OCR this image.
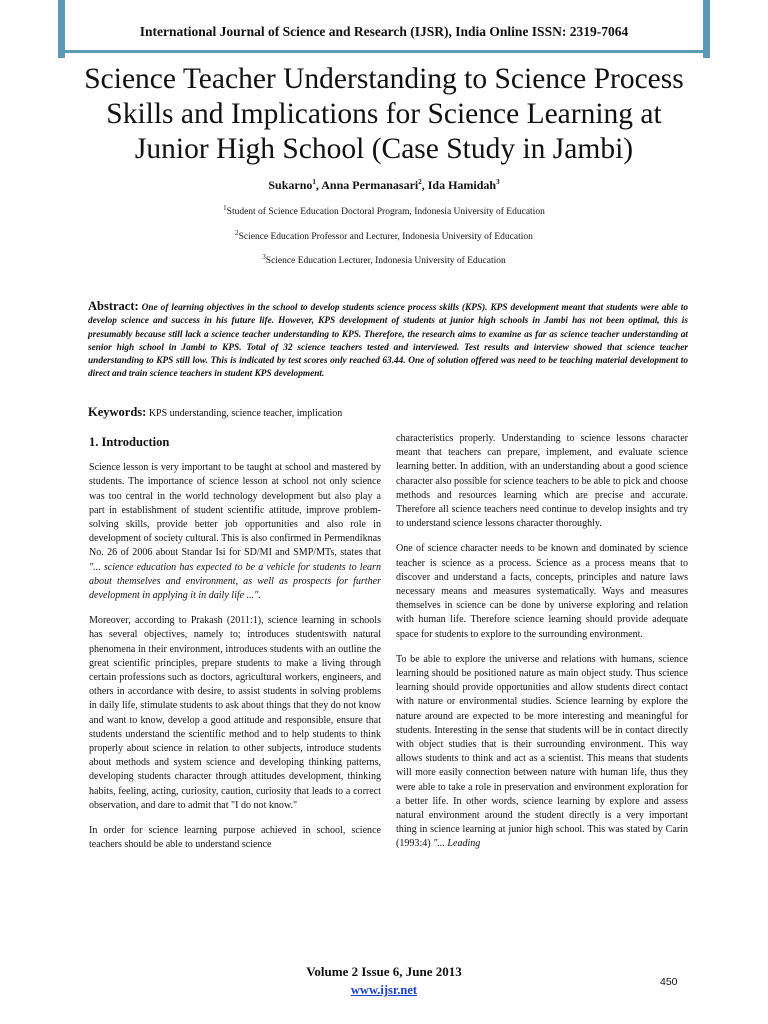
International Journal of Science and Research (IJSR), India Online ISSN: 2319-7064
Science Teacher Understanding to Science Process Skills and Implications for Science Learning at Junior High School (Case Study in Jambi)
Sukarno$^1$, Anna Permanasari$^2$, Ida Hamidah$^3$
$^1$Student of Science Education Doctoral Program, Indonesia University of Education
$^2$Science Education Professor and Lecturer, Indonesia University of Education
$^3$Science Education Lecturer, Indonesia University of Education
Abstract: One of learning objectives in the school to develop students science process skills (KPS). KPS development meant that students were able to develop science and success in his future life. However, KPS development of students at junior high schools in Jambi has not been optimal, this is presumably because still lack a science teacher understanding to KPS. Therefore, the research aims to examine as far as science teacher understanding at senior high school in Jambi to KPS. Total of 32 science teachers tested and interviewed. Test results and interview showed that science teacher understanding to KPS still low. This is indicated by test scores only reached 63.44. One of solution offered was need to be teaching material development to direct and train science teachers in student KPS development.
Keywords: KPS understanding, science teacher, implication
1. Introduction

Science lesson is very important to be taught at school and mastered by students. The importance of science lesson at school not only science was too central in the world technology development but also play a part in establishment of student scientific attitude, improve problem-solving skills, provide better job opportunities and also role in development of society cultural. This is also confirmed in Permendiknas No. 26 of 2006 about Standar Isi for SD/MI and SMP/MTs, states that "... science education has expected to be a vehicle for students to learn about themselves and environment, as well as prospects for further development in applying it in daily life ...".

Moreover, according to Prakash (2011:1), science learning in schools has several objectives, namely to; introduces studentswith natural phenomena in their environment, introduces students with an outline the great scientific principles, prepare students to make a living through certain professions such as doctors, agricultural workers, engineers, and others in accordance with desire, to assist students in solving problems in daily life, stimulate students to ask about things that they do not know and want to know, develop a good attitude and responsible, ensure that students understand the scientific method and to help students to think properly about science in relation to other subjects, introduce students about methods and system science and developing thinking patterns, developing students character through attitudes development, thinking habits, feeling, acting, curiosity, caution, curiosity that leads to a correct observation, and dare to admit that "I do not know."

In order for science learning purpose achieved in school, science teachers should be able to understand science

characteristics properly. Understanding to science lessons character meant that teachers can prepare, implement, and evaluate science learning better. In addition, with an understanding about a good science character also possible for science teachers to be able to pick and choose methods and resources learning which are precise and accurate. Therefore all science teachers need continue to develop insights and try to understand science lessons character thoroughly.

One of science character needs to be known and dominated by science teacher is science as a process. Science as a process means that to discover and understand a facts, concepts, principles and nature laws necessary means and measures systematically. Ways and measures themselves in science can be done by universe exploring and relation with human life. Therefore science learning should provide adequate space for students to explore to the surrounding environment.

To be able to explore the universe and relations with humans, science learning should be positioned nature as main object study. Thus science learning should provide opportunities and allow students direct contact with nature or environmental studies. Science learning by explore the nature around are expected to be more interesting and meaningful for students. Interesting in the sense that students will be in contact directly with object studies that is their surrounding environment. This way allows students to think and act as a scientist. This means that students will more easily connection between nature with human life, thus they were able to take a role in preservation and environment exploration for a better life. In other words, science learning by explore and assess natural environment around the student directly is a very important thing in science learning at junior high school. This was stated by Carin (1993:4) "... Leading

Volume 2 Issue 6, June 2013
www.ijsr.net
450
